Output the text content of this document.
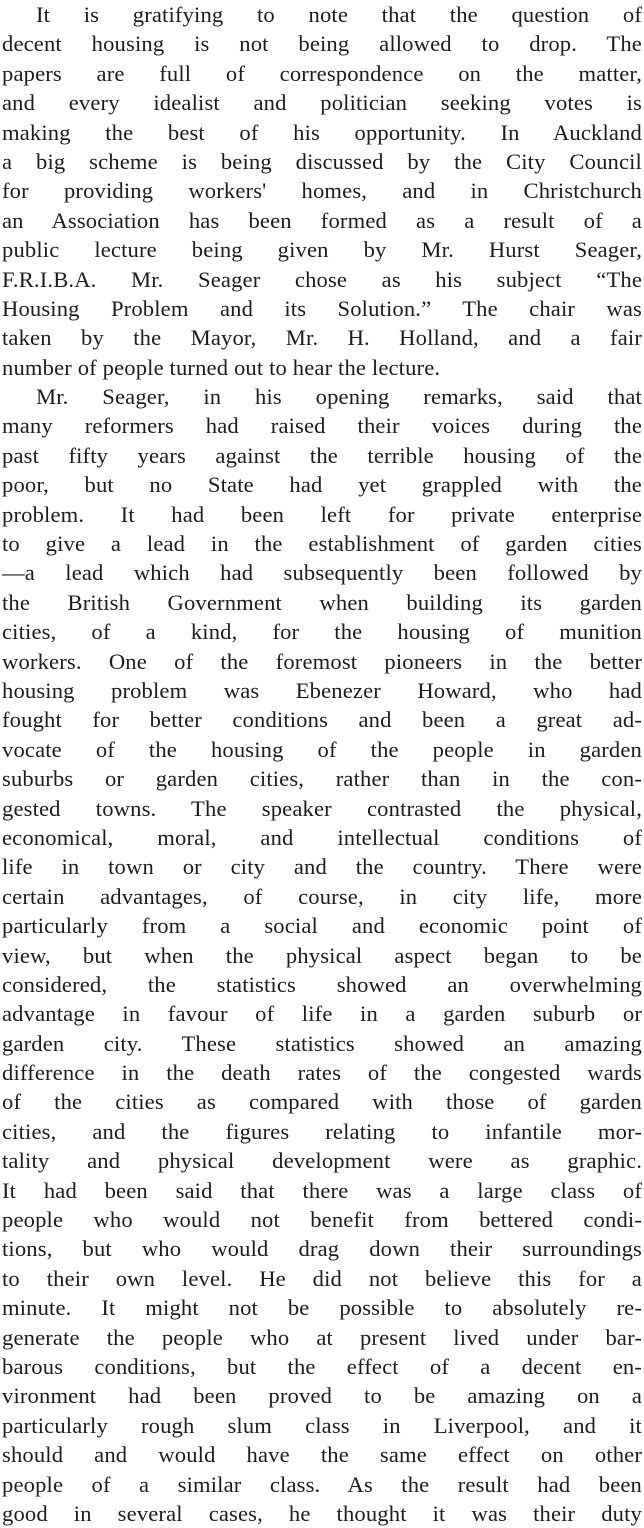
It is gratifying to note that the question of
decent housing is not being allowed to drop. The
papers are full of correspondence on the matter,
and every idealist and politician seeking votes is
making the best of his opportunity. In Auckland
a big scheme is being discussed by the City Council
for providing workers' homes, and in Christchurch
an Association has been formed as a result of a
public lecture being given by Mr. Hurst Seager,
F.R.I.B.A. Mr. Seager chose as his subject “The
Housing Problem and its Solution.” The chair was
taken by the Mayor, Mr. H. Holland, and a fair
number of people turned out to hear the lecture.
Mr. Seager, in his opening remarks, said that
many reformers had raised their voices during the
past fifty years against the terrible housing of the
poor, but no State had yet grappled with the
problem. It had been left for private enterprise
to give a lead in the establishment of garden cities
—a lead which had subsequently been followed by
the British Government when building its garden
cities, of a kind, for the housing of munition
workers. One of the foremost pioneers in the better
housing problem was Ebenezer Howard, who had
fought for better conditions and been a great ad-
vocate of the housing of the people in garden
suburbs or garden cities, rather than in the con-
gested towns. The speaker contrasted the physical,
economical, moral, and intellectual conditions of
life in town or city and the country. There were
certain advantages, of course, in city life, more
particularly from a social and economic point of
view, but when the physical aspect began to be
considered, the statistics showed an overwhelming
advantage in favour of life in a garden suburb or
garden city. These statistics showed an amazing
difference in the death rates of the congested wards
of the cities as compared with those of garden
cities, and the figures relating to infantile mor-
tality and physical development were as graphic.
It had been said that there was a large class of
people who would not benefit from bettered condi-
tions, but who would drag down their surroundings
to their own level. He did not believe this for a
minute. It might not be possible to absolutely re-
generate the people who at present lived under bar-
barous conditions, but the effect of a decent en-
vironment had been proved to be amazing on a
particularly rough slum class in Liverpool, and it
should and would have the same effect on other
people of a similar class. As the result had been
good in several cases, he thought it was their duty
